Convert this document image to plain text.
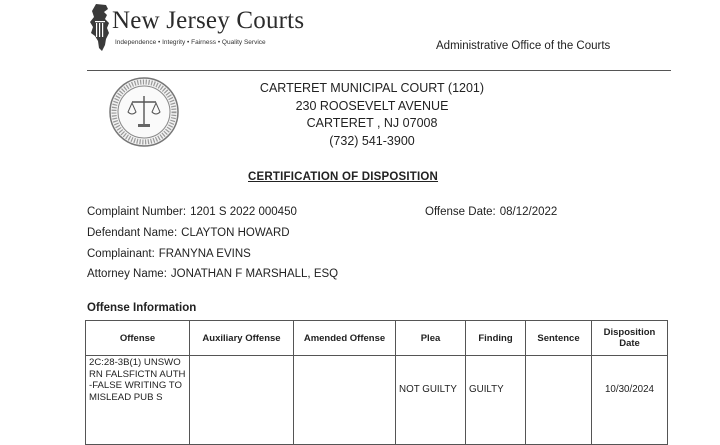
New Jersey Courts
Independence • Integrity • Fairness • Quality Service	Administrative Office of the Courts
CARTERET MUNICIPAL COURT (1201)
230 ROOSEVELT AVENUE
CARTERET , NJ 07008
(732) 541-3900
CERTIFICATION OF DISPOSITION
Complaint Number: 1201 S 2022 000450	Offense Date: 08/12/2022
Defendant Name: CLAYTON HOWARD
Complainant: FRANYNA EVINS
Attorney Name: JONATHAN F MARSHALL, ESQ
Offense Information
Offense	Auxiliary Offense	Amended Offense	Plea	Finding	Sentence	Disposition Date
2C:28-3B(1) UNSWORN FALSFICTN AUTH-FALSE WRITING TO MISLEAD PUB S			NOT GUILTY	GUILTY		10/30/2024
